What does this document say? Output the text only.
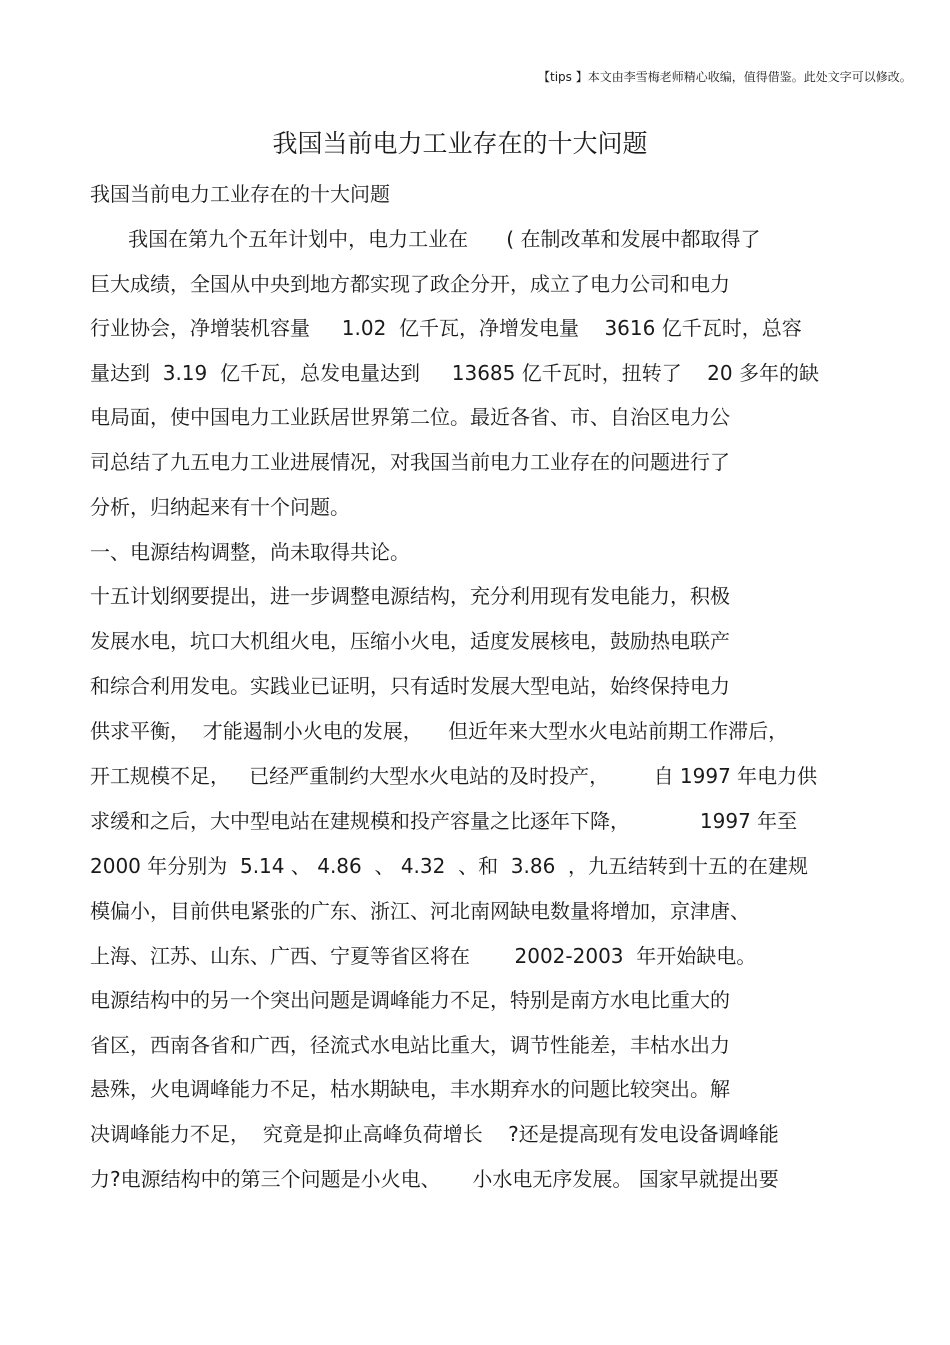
【tips 】本文由李雪梅老师精心收编，值得借鉴。此处文字可以修改。
我国当前电力工业存在的十大问题
我国当前电力工业存在的十大问题
我国在第九个五年计划中，电力工业在      ( 在制改革和发展中都取得了
巨大成绩，全国从中央到地方都实现了政企分开，成立了电力公司和电力
行业协会，净增装机容量     1.02  亿千瓦，净增发电量    3616 亿千瓦时，总容
量达到  3.19  亿千瓦，总发电量达到     13685 亿千瓦时，扭转了    20 多年的缺
电局面，使中国电力工业跃居世界第二位。最近各省、市、自治区电力公
司总结了九五电力工业进展情况，对我国当前电力工业存在的问题进行了
分析，归纳起来有十个问题。
一、电源结构调整，尚未取得共论。
十五计划纲要提出，进一步调整电源结构，充分利用现有发电能力，积极
发展水电，坑口大机组火电，压缩小火电，适度发展核电，鼓励热电联产
和综合利用发电。实践业已证明，只有适时发展大型电站，始终保持电力
供求平衡，  才能遏制小火电的发展，    但近年来大型水火电站前期工作滞后，
开工规模不足，   已经严重制约大型水火电站的及时投产，       自 1997 年电力供
求缓和之后，大中型电站在建规模和投产容量之比逐年下降，           1997 年至
2000 年分别为  5.14 、 4.86  、 4.32  、和  3.86  ，九五结转到十五的在建规
模偏小，目前供电紧张的广东、浙江、河北南网缺电数量将增加，京津唐、
上海、江苏、山东、广西、宁夏等省区将在       2002-2003  年开始缺电。
电源结构中的另一个突出问题是调峰能力不足，特别是南方水电比重大的
省区，西南各省和广西，径流式水电站比重大，调节性能差，丰枯水出力
悬殊，火电调峰能力不足，枯水期缺电，丰水期弃水的问题比较突出。解
决调峰能力不足，  究竟是抑止高峰负荷增长    ?还是提高现有发电设备调峰能
力?电源结构中的第三个问题是小火电、     小水电无序发展。 国家早就提出要
